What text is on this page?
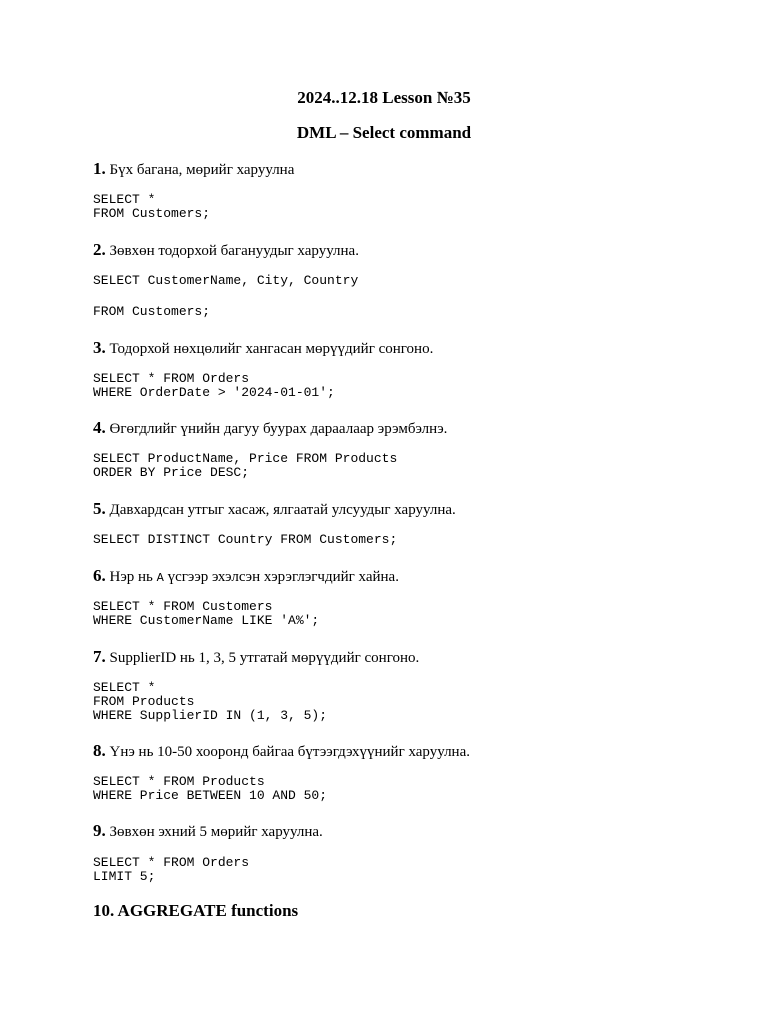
2024..12.18 Lesson №35
DML – Select command
1. Бүх багана, мөрийг харуулна
SELECT *
FROM Customers;
2. Зөвхөн тодорхой багануудыг харуулна.
SELECT CustomerName, City, Country
FROM Customers;
3. Тодорхой нөхцөлийг хангасан мөрүүдийг сонгоно.
SELECT * FROM Orders
WHERE OrderDate > '2024-01-01';
4. Өгөгдлийг үнийн дагуу буурах дараалаар эрэмбэлнэ.
SELECT ProductName, Price FROM Products
ORDER BY Price DESC;
5. Давхардсан утгыг хасаж, ялгаатай улсуудыг харуулна.
SELECT DISTINCT Country FROM Customers;
6. Нэр нь A үсгээр эхэлсэн хэрэглэгчдийг хайна.
SELECT * FROM Customers
WHERE CustomerName LIKE 'A%';
7. SupplierID нь 1, 3, 5 утгатай мөрүүдийг сонгоно.
SELECT *
FROM Products
WHERE SupplierID IN (1, 3, 5);
8. Үнэ нь 10-50 хооронд байгаа бүтээгдэхүүнийг харуулна.
SELECT * FROM Products
WHERE Price BETWEEN 10 AND 50;
9. Зөвхөн эхний 5 мөрийг харуулна.
SELECT * FROM Orders
LIMIT 5;
10. AGGREGATE functions
